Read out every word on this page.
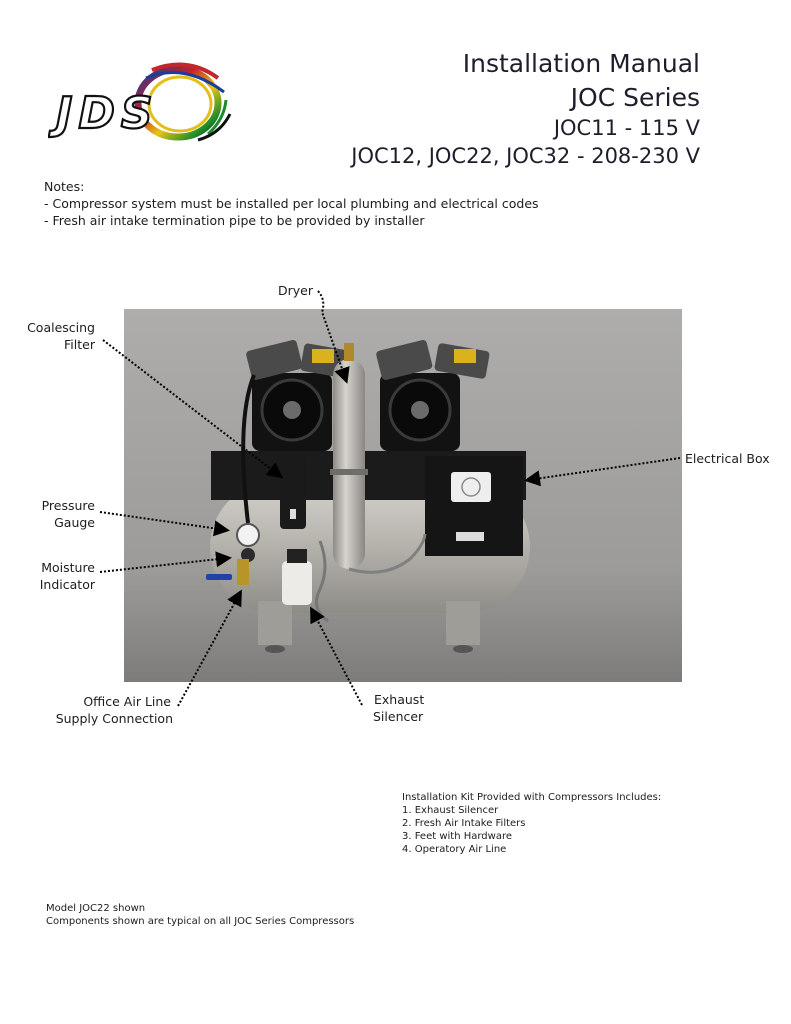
JDS
Installation Manual
JOC Series
JOC11 - 115 V
JOC12, JOC22, JOC32 - 208-230 V
Notes:
- Compressor system must be installed per local plumbing and electrical codes
- Fresh air intake termination pipe to be provided by installer
Dryer
Coalescing
Filter
Electrical Box
Pressure
Gauge
Moisture
Indicator
Office Air Line
Supply Connection
Exhaust
Silencer
Installation Kit Provided with Compressors Includes:
1. Exhaust Silencer
2. Fresh Air Intake Filters
3. Feet with Hardware
4. Operatory Air Line
Model JOC22 shown
Components shown are typical on all JOC Series Compressors
